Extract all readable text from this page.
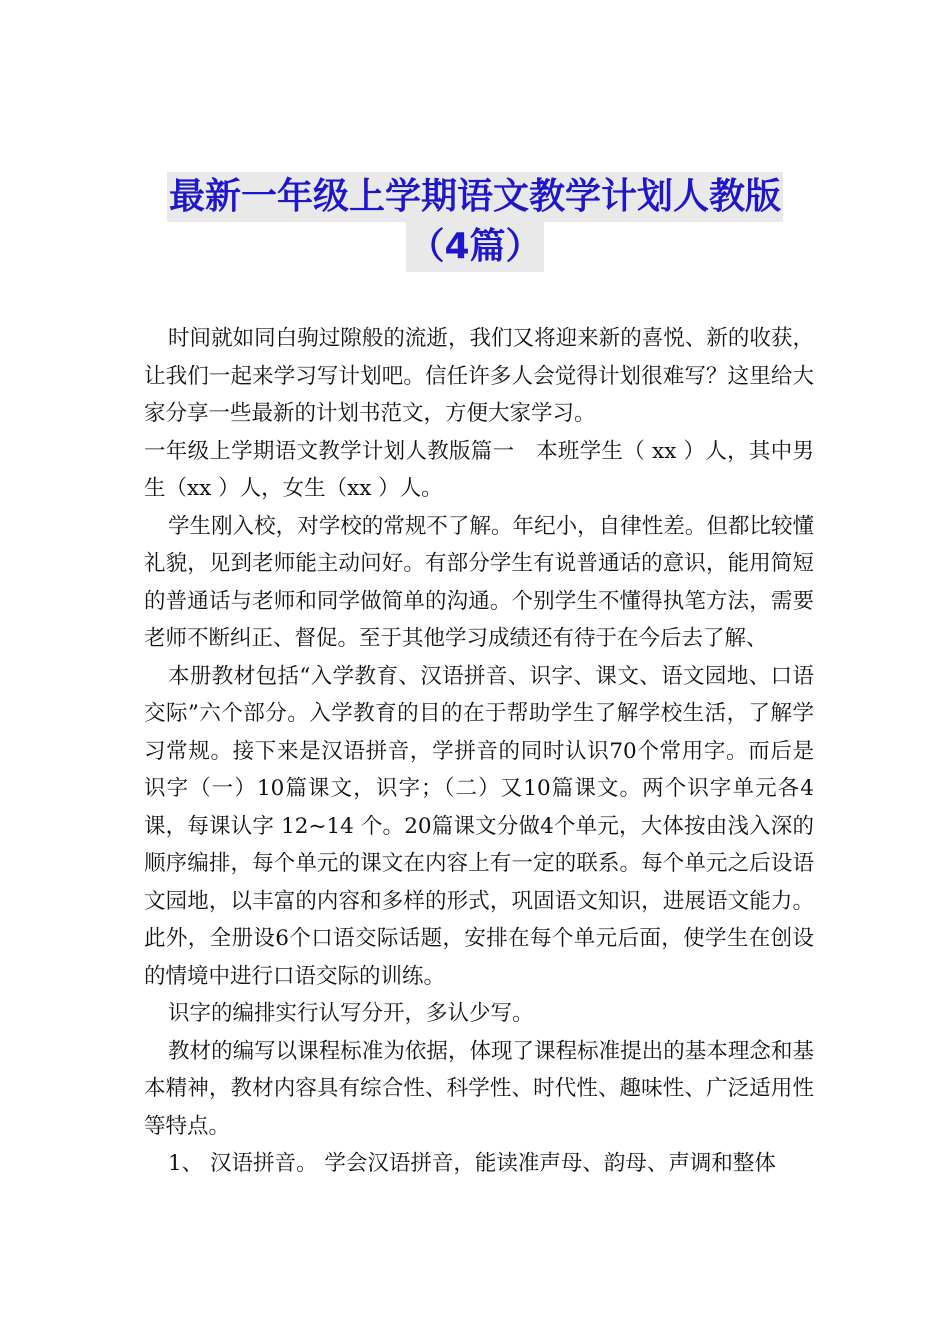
最新一年级上学期语文教学计划人教版
（4篇）

时间就如同白驹过隙般的流逝，我们又将迎来新的喜悦、新的收获，让我们一起来学习写计划吧。信任许多人会觉得计划很难写？这里给大家分享一些最新的计划书范文，方便大家学习。

一年级上学期语文教学计划人教版篇一　本班学生（ xx ）人，其中男生（xx ）人，女生（xx ）人。

学生刚入校，对学校的常规不了解。年纪小，自律性差。但都比较懂礼貌，见到老师能主动问好。有部分学生有说普通话的意识，能用简短的普通话与老师和同学做简单的沟通。个别学生不懂得执笔方法，需要老师不断纠正、督促。至于其他学习成绩还有待于在今后去了解、

本册教材包括“入学教育、汉语拼音、识字、课文、语文园地、口语交际”六个部分。入学教育的目的在于帮助学生了解学校生活，了解学习常规。接下来是汉语拼音，学拼音的同时认识70个常用字。而后是识字（一）10篇课文，识字；（二）又10篇课文。两个识字单元各4课，每课认字 12~14 个。20篇课文分做4个单元，大体按由浅入深的顺序编排，每个单元的课文在内容上有一定的联系。每个单元之后设语文园地，以丰富的内容和多样的形式，巩固语文知识，进展语文能力。此外，全册设6个口语交际话题，安排在每个单元后面，使学生在创设的情境中进行口语交际的训练。

识字的编排实行认写分开，多认少写。

教材的编写以课程标准为依据，体现了课程标准提出的基本理念和基本精神，教材内容具有综合性、科学性、时代性、趣味性、广泛适用性等特点。

1、 汉语拼音。 学会汉语拼音，能读准声母、韵母、声调和整体
